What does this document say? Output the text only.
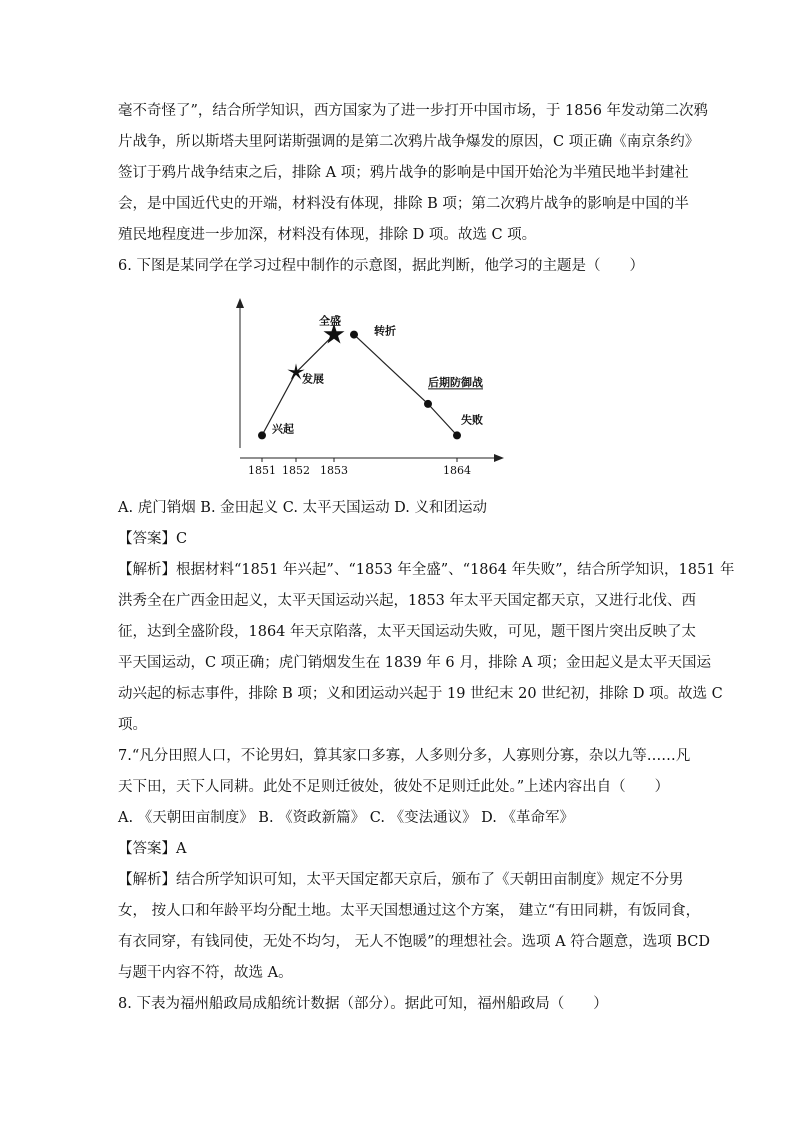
毫不奇怪了”，结合所学知识，西方国家为了进一步打开中国市场，于 1856 年发动第二次鸦
片战争，所以斯塔夫里阿诺斯强调的是第二次鸦片战争爆发的原因，C 项正确《南京条约》
签订于鸦片战争结束之后，排除 A 项；鸦片战争的影响是中国开始沦为半殖民地半封建社
会，是中国近代史的开端，材料没有体现，排除 B 项；第二次鸦片战争的影响是中国的半
殖民地程度进一步加深，材料没有体现，排除 D 项。故选 C 项。
6. 下图是某同学在学习过程中制作的示意图，据此判断，他学习的主题是（　　）
兴起
发展
全盛
转折
后期防御战
失败
1851 1852 1853	1864
A. 虎门销烟 B. 金田起义 C. 太平天国运动 D. 义和团运动
【答案】C
【解析】根据材料“1851 年兴起”、“1853 年全盛”、“1864 年失败”，结合所学知识，1851 年
洪秀全在广西金田起义，太平天国运动兴起，1853 年太平天国定都天京，又进行北伐、西
征，达到全盛阶段，1864 年天京陷落，太平天国运动失败，可见，题干图片突出反映了太
平天国运动，C 项正确；虎门销烟发生在 1839 年 6 月，排除 A 项；金田起义是太平天国运
动兴起的标志事件，排除 B 项；义和团运动兴起于 19 世纪末 20 世纪初，排除 D 项。故选 C
项。
7.“凡分田照人口，不论男妇，算其家口多寡，人多则分多，人寡则分寡，杂以九等……凡
天下田，天下人同耕。此处不足则迁彼处，彼处不足则迁此处。”上述内容出自（　　）
A. 《天朝田亩制度》 B. 《资政新篇》 C. 《变法通议》 D. 《革命军》
【答案】A
【解析】结合所学知识可知，太平天国定都天京后，颁布了《天朝田亩制度》规定不分男
女， 按人口和年龄平均分配土地。太平天国想通过这个方案， 建立“有田同耕，有饭同食，
有衣同穿，有钱同使，无处不均匀， 无人不饱暖”的理想社会。选项 A 符合题意，选项 BCD
与题干内容不符，故选 A。
8. 下表为福州船政局成船统计数据（部分）。据此可知，福州船政局（　　）
